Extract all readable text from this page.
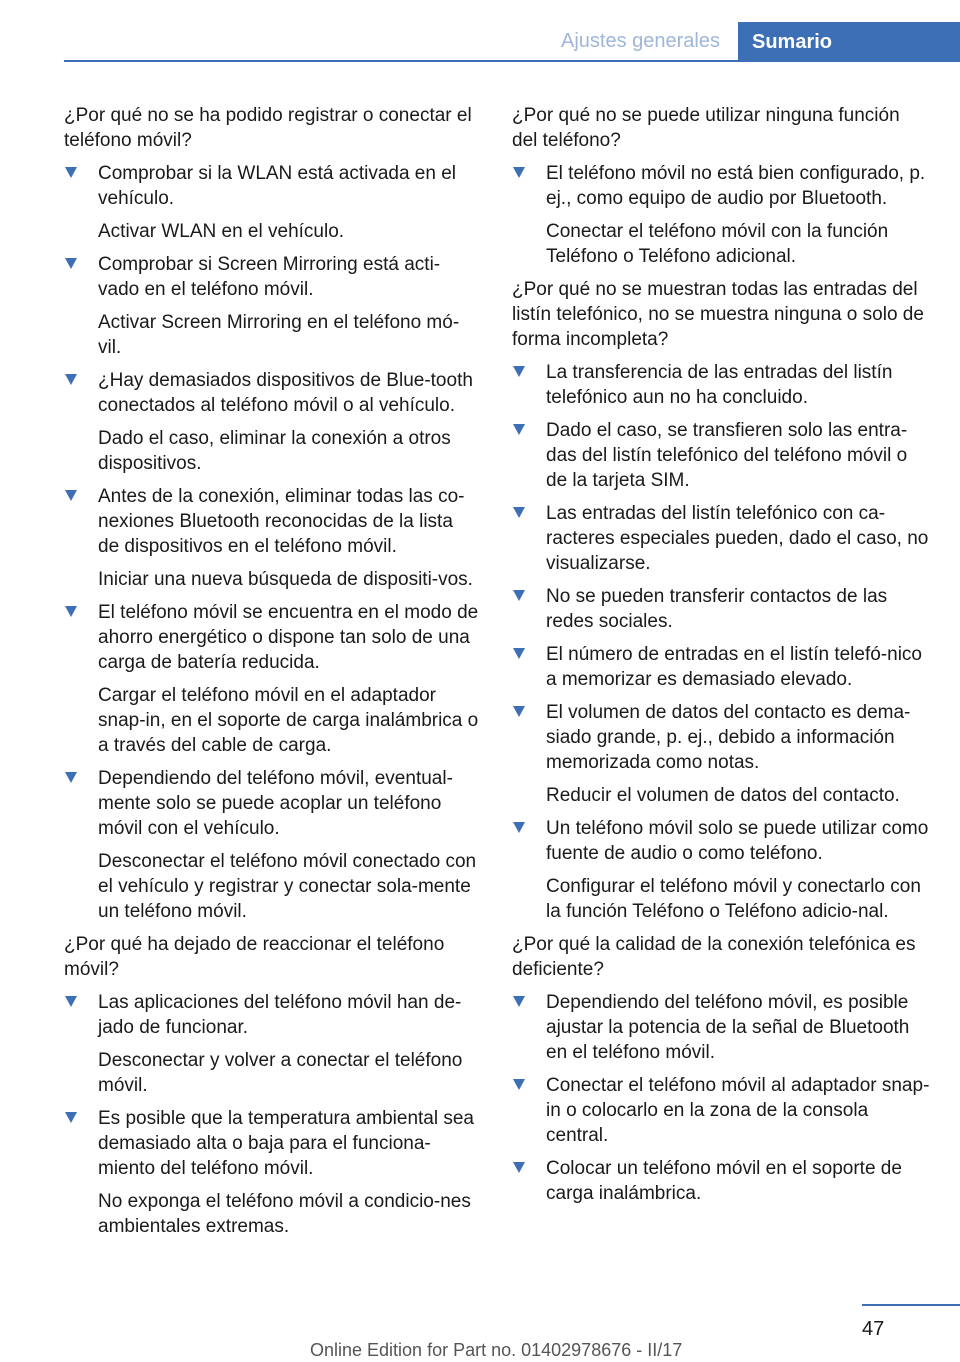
Ajustes generales	Sumario

¿Por qué no se ha podido registrar o conectar el teléfono móvil?

Comprobar si la WLAN está activada en el vehículo.

Activar WLAN en el vehículo.

Comprobar si Screen Mirroring está acti‐vado en el teléfono móvil.

Activar Screen Mirroring en el teléfono mó‐vil.

¿Hay demasiados dispositivos de Blue‐tooth conectados al teléfono móvil o al vehículo.

Dado el caso, eliminar la conexión a otros dispositivos.

Antes de la conexión, eliminar todas las co‐nexiones Bluetooth reconocidas de la lista de dispositivos en el teléfono móvil.

Iniciar una nueva búsqueda de dispositi‐vos.

El teléfono móvil se encuentra en el modo de ahorro energético o dispone tan solo de una carga de batería reducida.

Cargar el teléfono móvil en el adaptador snap-in, en el soporte de carga inalámbrica o a través del cable de carga.

Dependiendo del teléfono móvil, eventual‐mente solo se puede acoplar un teléfono móvil con el vehículo.

Desconectar el teléfono móvil conectado con el vehículo y registrar y conectar sola‐mente un teléfono móvil.

¿Por qué ha dejado de reaccionar el teléfono móvil?

Las aplicaciones del teléfono móvil han de‐jado de funcionar.

Desconectar y volver a conectar el teléfono móvil.

Es posible que la temperatura ambiental sea demasiado alta o baja para el funciona‐miento del teléfono móvil.

No exponga el teléfono móvil a condicio‐nes ambientales extremas.

¿Por qué no se puede utilizar ninguna función del teléfono?

El teléfono móvil no está bien configurado, p. ej., como equipo de audio por Bluetooth.

Conectar el teléfono móvil con la función Teléfono o Teléfono adicional.

¿Por qué no se muestran todas las entradas del listín telefónico, no se muestra ninguna o solo de forma incompleta?

La transferencia de las entradas del listín telefónico aun no ha concluido.

Dado el caso, se transfieren solo las entra‐das del listín telefónico del teléfono móvil o de la tarjeta SIM.

Las entradas del listín telefónico con ca‐racteres especiales pueden, dado el caso, no visualizarse.

No se pueden transferir contactos de las redes sociales.

El número de entradas en el listín telefó‐nico a memorizar es demasiado elevado.

El volumen de datos del contacto es dema‐siado grande, p. ej., debido a información memorizada como notas.

Reducir el volumen de datos del contacto.

Un teléfono móvil solo se puede utilizar como fuente de audio o como teléfono.

Configurar el teléfono móvil y conectarlo con la función Teléfono o Teléfono adicio‐nal.

¿Por qué la calidad de la conexión telefónica es deficiente?

Dependiendo del teléfono móvil, es posible ajustar la potencia de la señal de Bluetooth en el teléfono móvil.

Conectar el teléfono móvil al adaptador snap-in o colocarlo en la zona de la consola central.

Colocar un teléfono móvil en el soporte de carga inalámbrica.

47
Online Edition for Part no. 01402978676 - II/17
